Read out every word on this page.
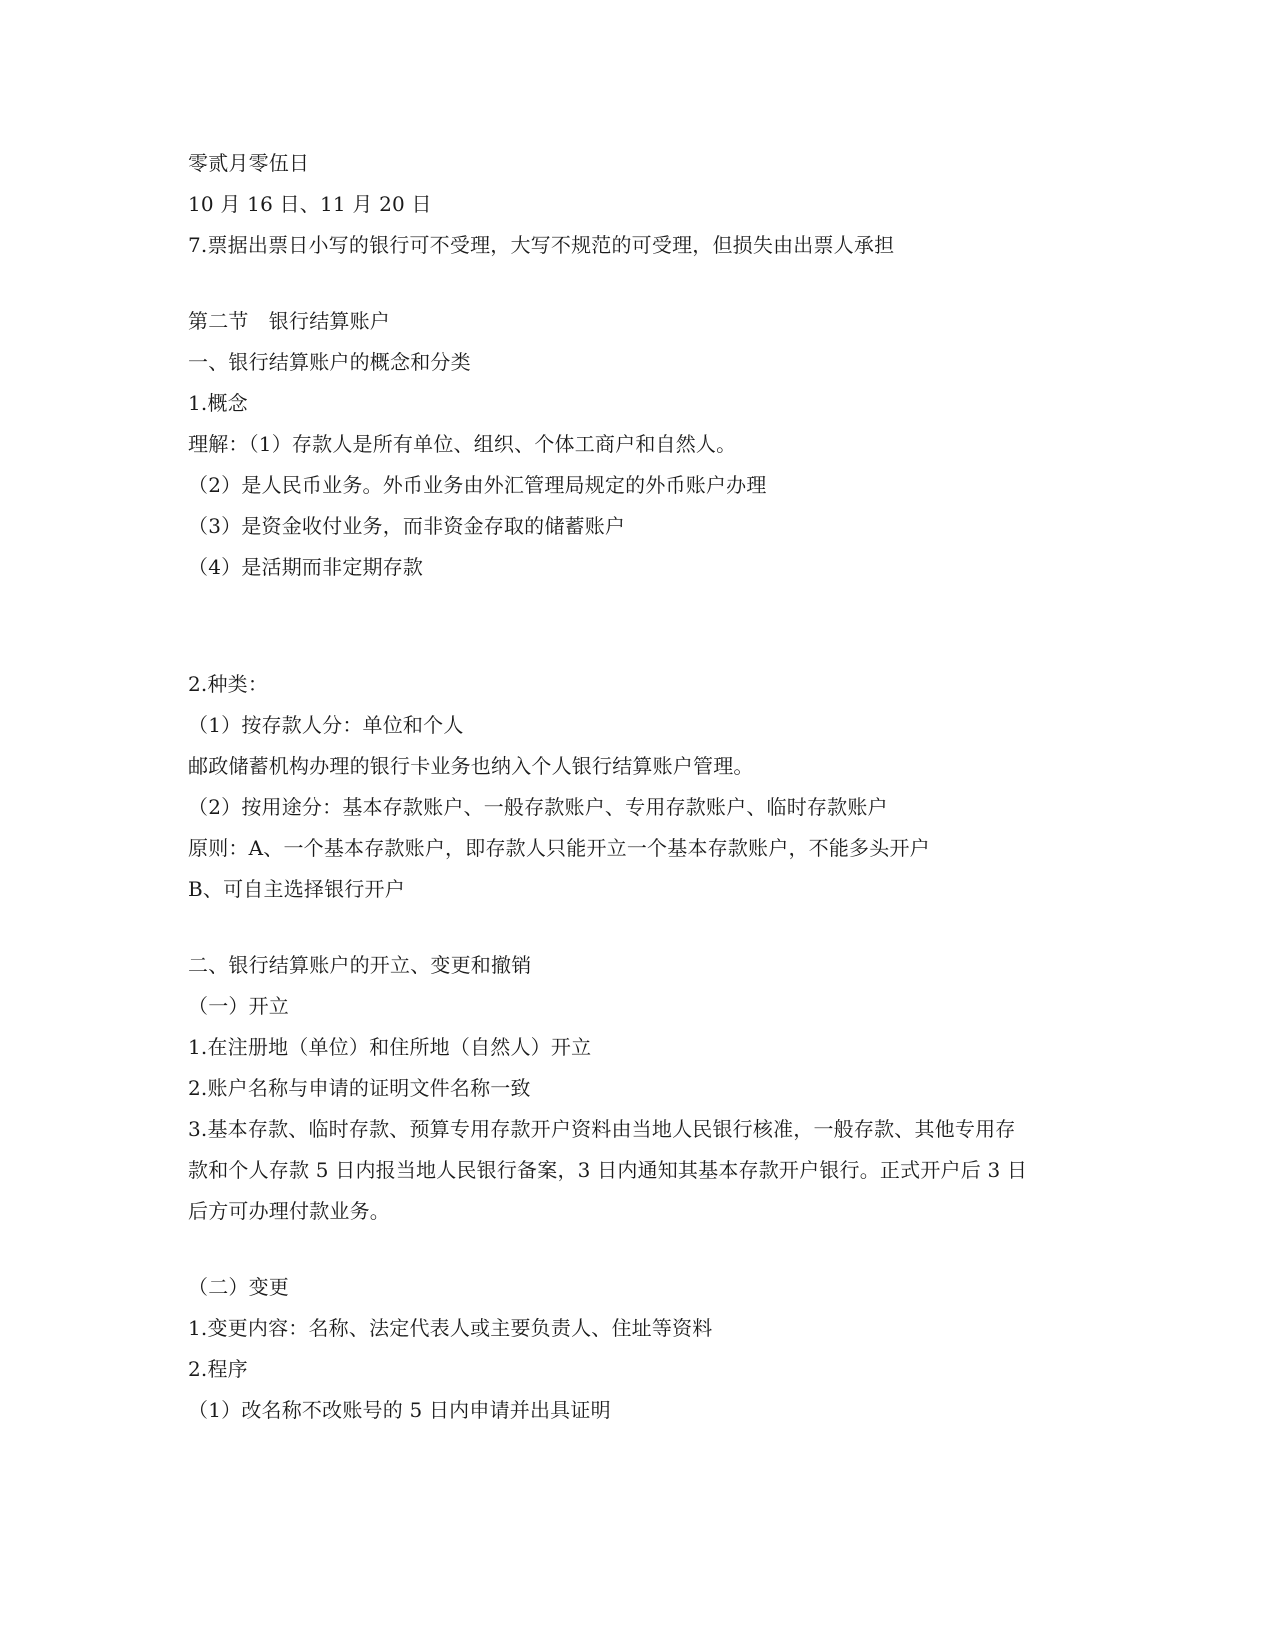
零贰月零伍日
10 月 16 日、11 月 20 日
7.票据出票日小写的银行可不受理，大写不规范的可受理，但损失由出票人承担
第二节　银行结算账户
一、银行结算账户的概念和分类
1.概念
理解：（1）存款人是所有单位、组织、个体工商户和自然人。
（2）是人民币业务。外币业务由外汇管理局规定的外币账户办理
（3）是资金收付业务，而非资金存取的储蓄账户
（4）是活期而非定期存款
2.种类：
（1）按存款人分：单位和个人
邮政储蓄机构办理的银行卡业务也纳入个人银行结算账户管理。
（2）按用途分：基本存款账户、一般存款账户、专用存款账户、临时存款账户
原则：A、一个基本存款账户，即存款人只能开立一个基本存款账户，不能多头开户
B、可自主选择银行开户
二、银行结算账户的开立、变更和撤销
（一）开立
1.在注册地（单位）和住所地（自然人）开立
2.账户名称与申请的证明文件名称一致
3.基本存款、临时存款、预算专用存款开户资料由当地人民银行核准，一般存款、其他专用存
款和个人存款 5 日内报当地人民银行备案，3 日内通知其基本存款开户银行。正式开户后 3 日
后方可办理付款业务。
（二）变更
1.变更内容：名称、法定代表人或主要负责人、住址等资料
2.程序
（1）改名称不改账号的 5 日内申请并出具证明
